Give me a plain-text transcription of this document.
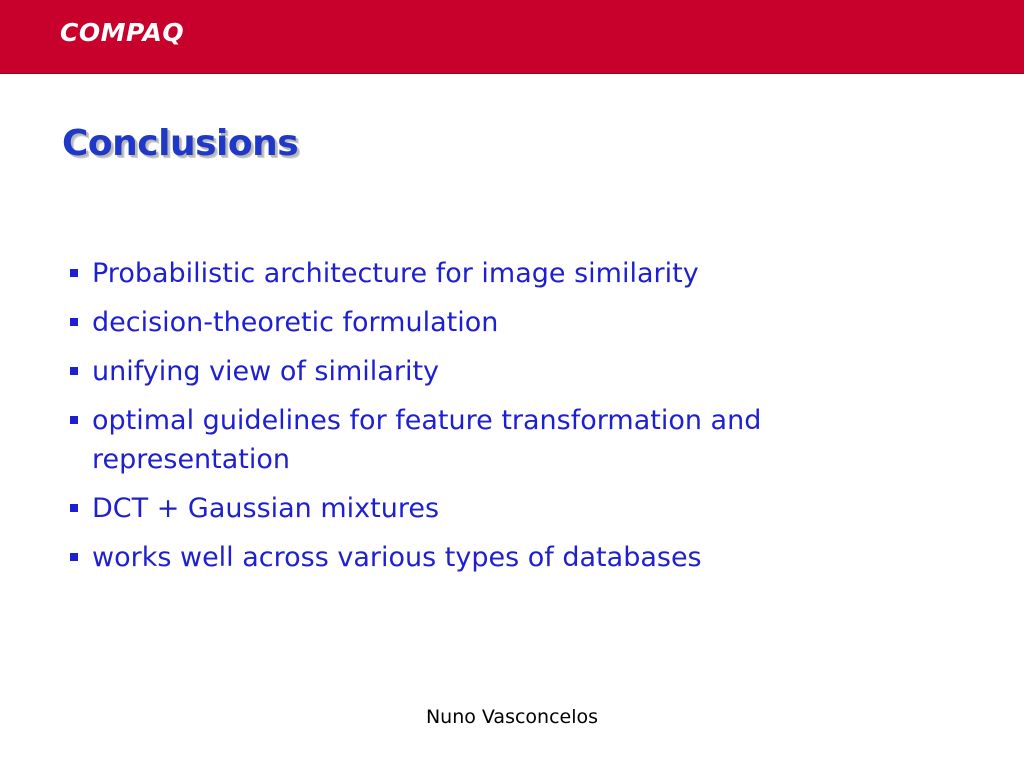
COMPAQ
Conclusions
Probabilistic architecture for image similarity
decision-theoretic formulation
unifying view of similarity
optimal guidelines for feature transformation and representation
DCT + Gaussian mixtures
works well across various types of databases
Nuno Vasconcelos
